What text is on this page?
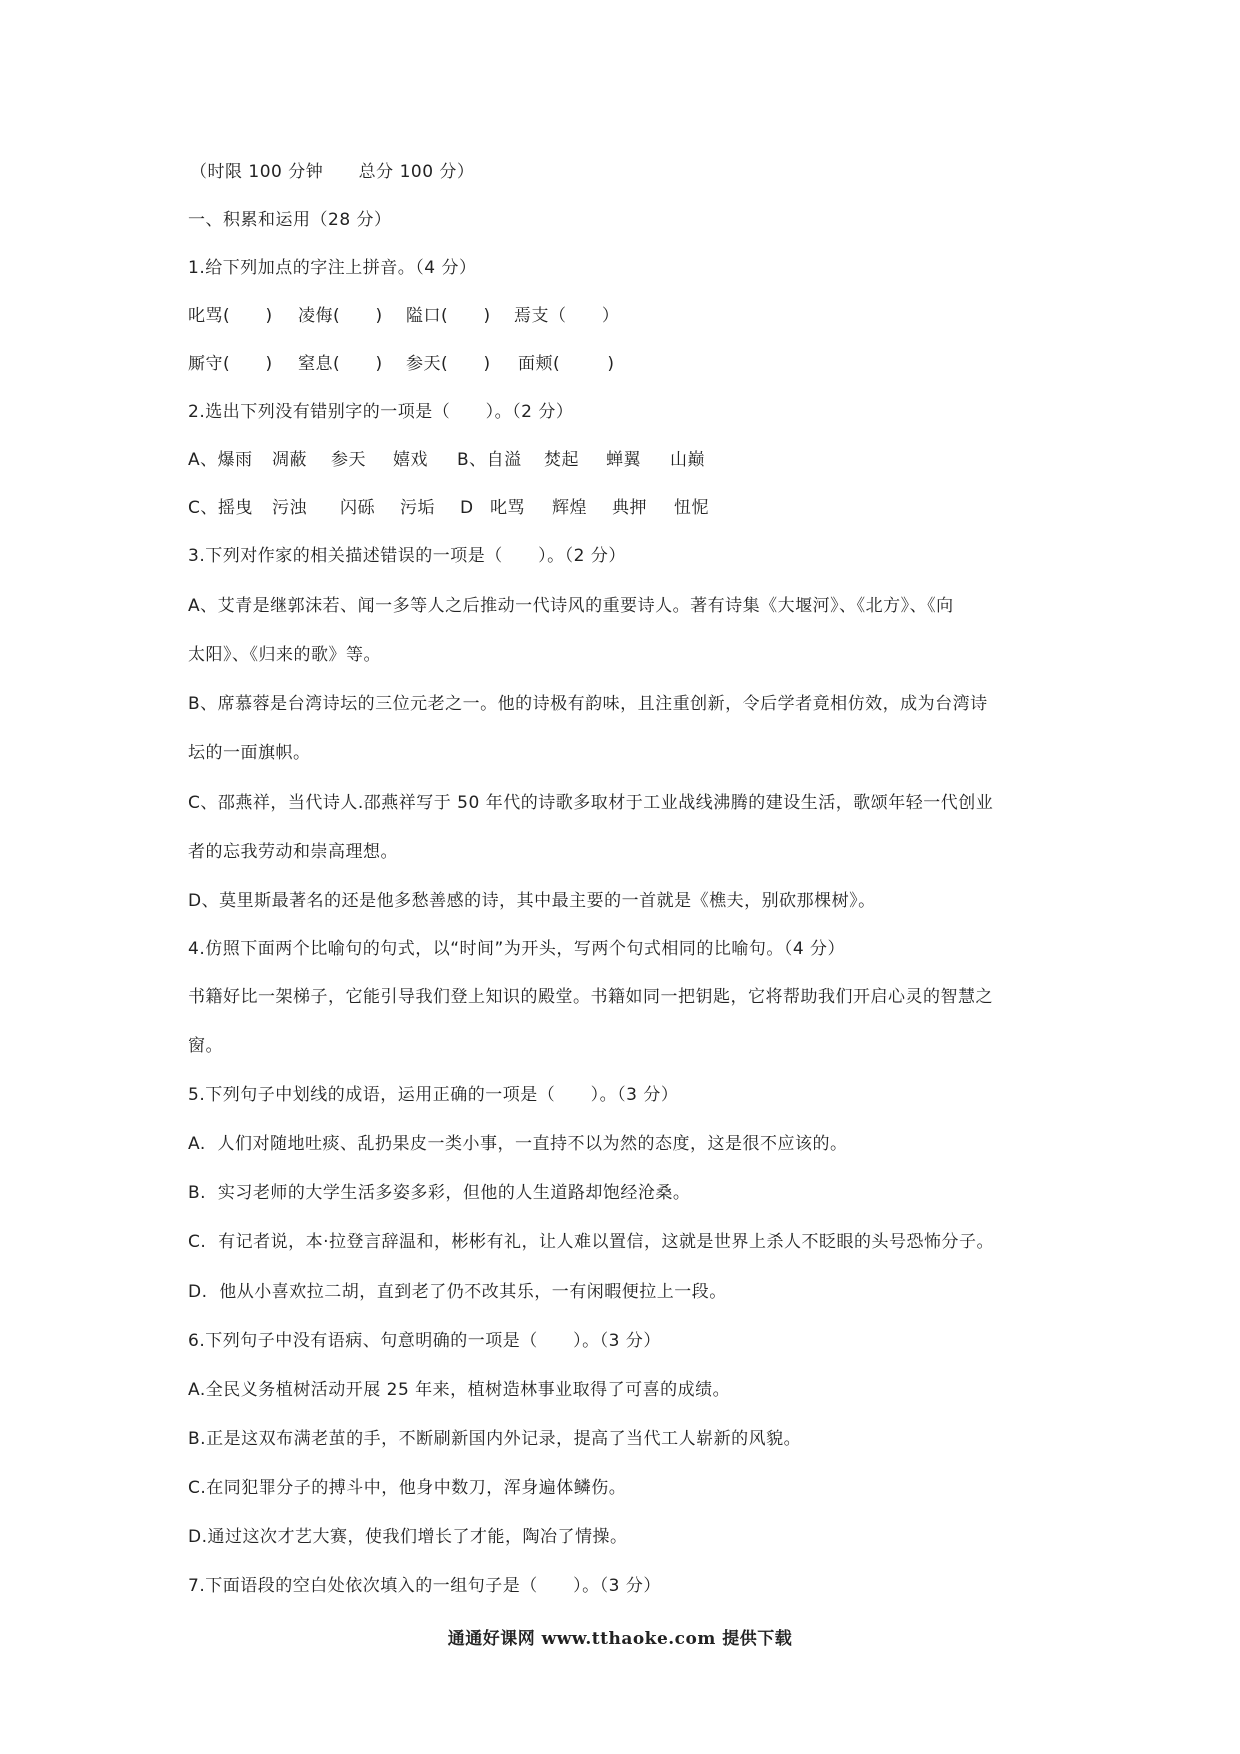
（时限 100 分钟      总分 100 分）
一、积累和运用（28 分）
1.给下列加点的字注上拼音。（4 分）

叱骂(      )

凌侮(      )

隘口(      )

焉支（      ）

厮守(      )

窒息(      )

参天(      )

面颊(        )

2.选出下列没有错别字的一项是（      ）。（2 分）

A、爆雨

凋蔽

参天

嬉戏

B、自溢

焚起

蝉翼

山巅

C、摇曳

污浊

闪砾

污垢

D

叱骂

辉煌

典押

忸怩

3.下列对作家的相关描述错误的一项是（      ）。（2 分）
A、艾青是继郭沫若、闻一多等人之后推动一代诗风的重要诗人。著有诗集《大堰河》、《北方》、《向
太阳》、《归来的歌》等。
B、席慕蓉是台湾诗坛的三位元老之一。他的诗极有韵味，且注重创新，令后学者竟相仿效，成为台湾诗
坛的一面旗帜。
C、邵燕祥，当代诗人.邵燕祥写于 50 年代的诗歌多取材于工业战线沸腾的建设生活，歌颂年轻一代创业
者的忘我劳动和崇高理想。
D、莫里斯最著名的还是他多愁善感的诗，其中最主要的一首就是《樵夫，别砍那棵树》。
4.仿照下面两个比喻句的句式，以“时间”为开头，写两个句式相同的比喻句。（4 分）
书籍好比一架梯子，它能引导我们登上知识的殿堂。书籍如同一把钥匙，它将帮助我们开启心灵的智慧之
窗。
5.下列句子中划线的成语，运用正确的一项是（      ）。（3 分）
A.  人们对随地吐痰、乱扔果皮一类小事，一直持不以为然的态度，这是很不应该的。
B.  实习老师的大学生活多姿多彩，但他的人生道路却饱经沧桑。
C.  有记者说，本·拉登言辞温和，彬彬有礼，让人难以置信，这就是世界上杀人不眨眼的头号恐怖分子。
D.  他从小喜欢拉二胡，直到老了仍不改其乐，一有闲暇便拉上一段。
6.下列句子中没有语病、句意明确的一项是（      ）。（3 分）
A.全民义务植树活动开展 25 年来，植树造林事业取得了可喜的成绩。
B.正是这双布满老茧的手，不断刷新国内外记录，提高了当代工人崭新的风貌。
C.在同犯罪分子的搏斗中，他身中数刀，浑身遍体鳞伤。
D.通过这次才艺大赛，使我们增长了才能，陶冶了情操。
7.下面语段的空白处依次填入的一组句子是（      ）。（3 分）
通通好课网 www.tthaoke.com 提供下载
